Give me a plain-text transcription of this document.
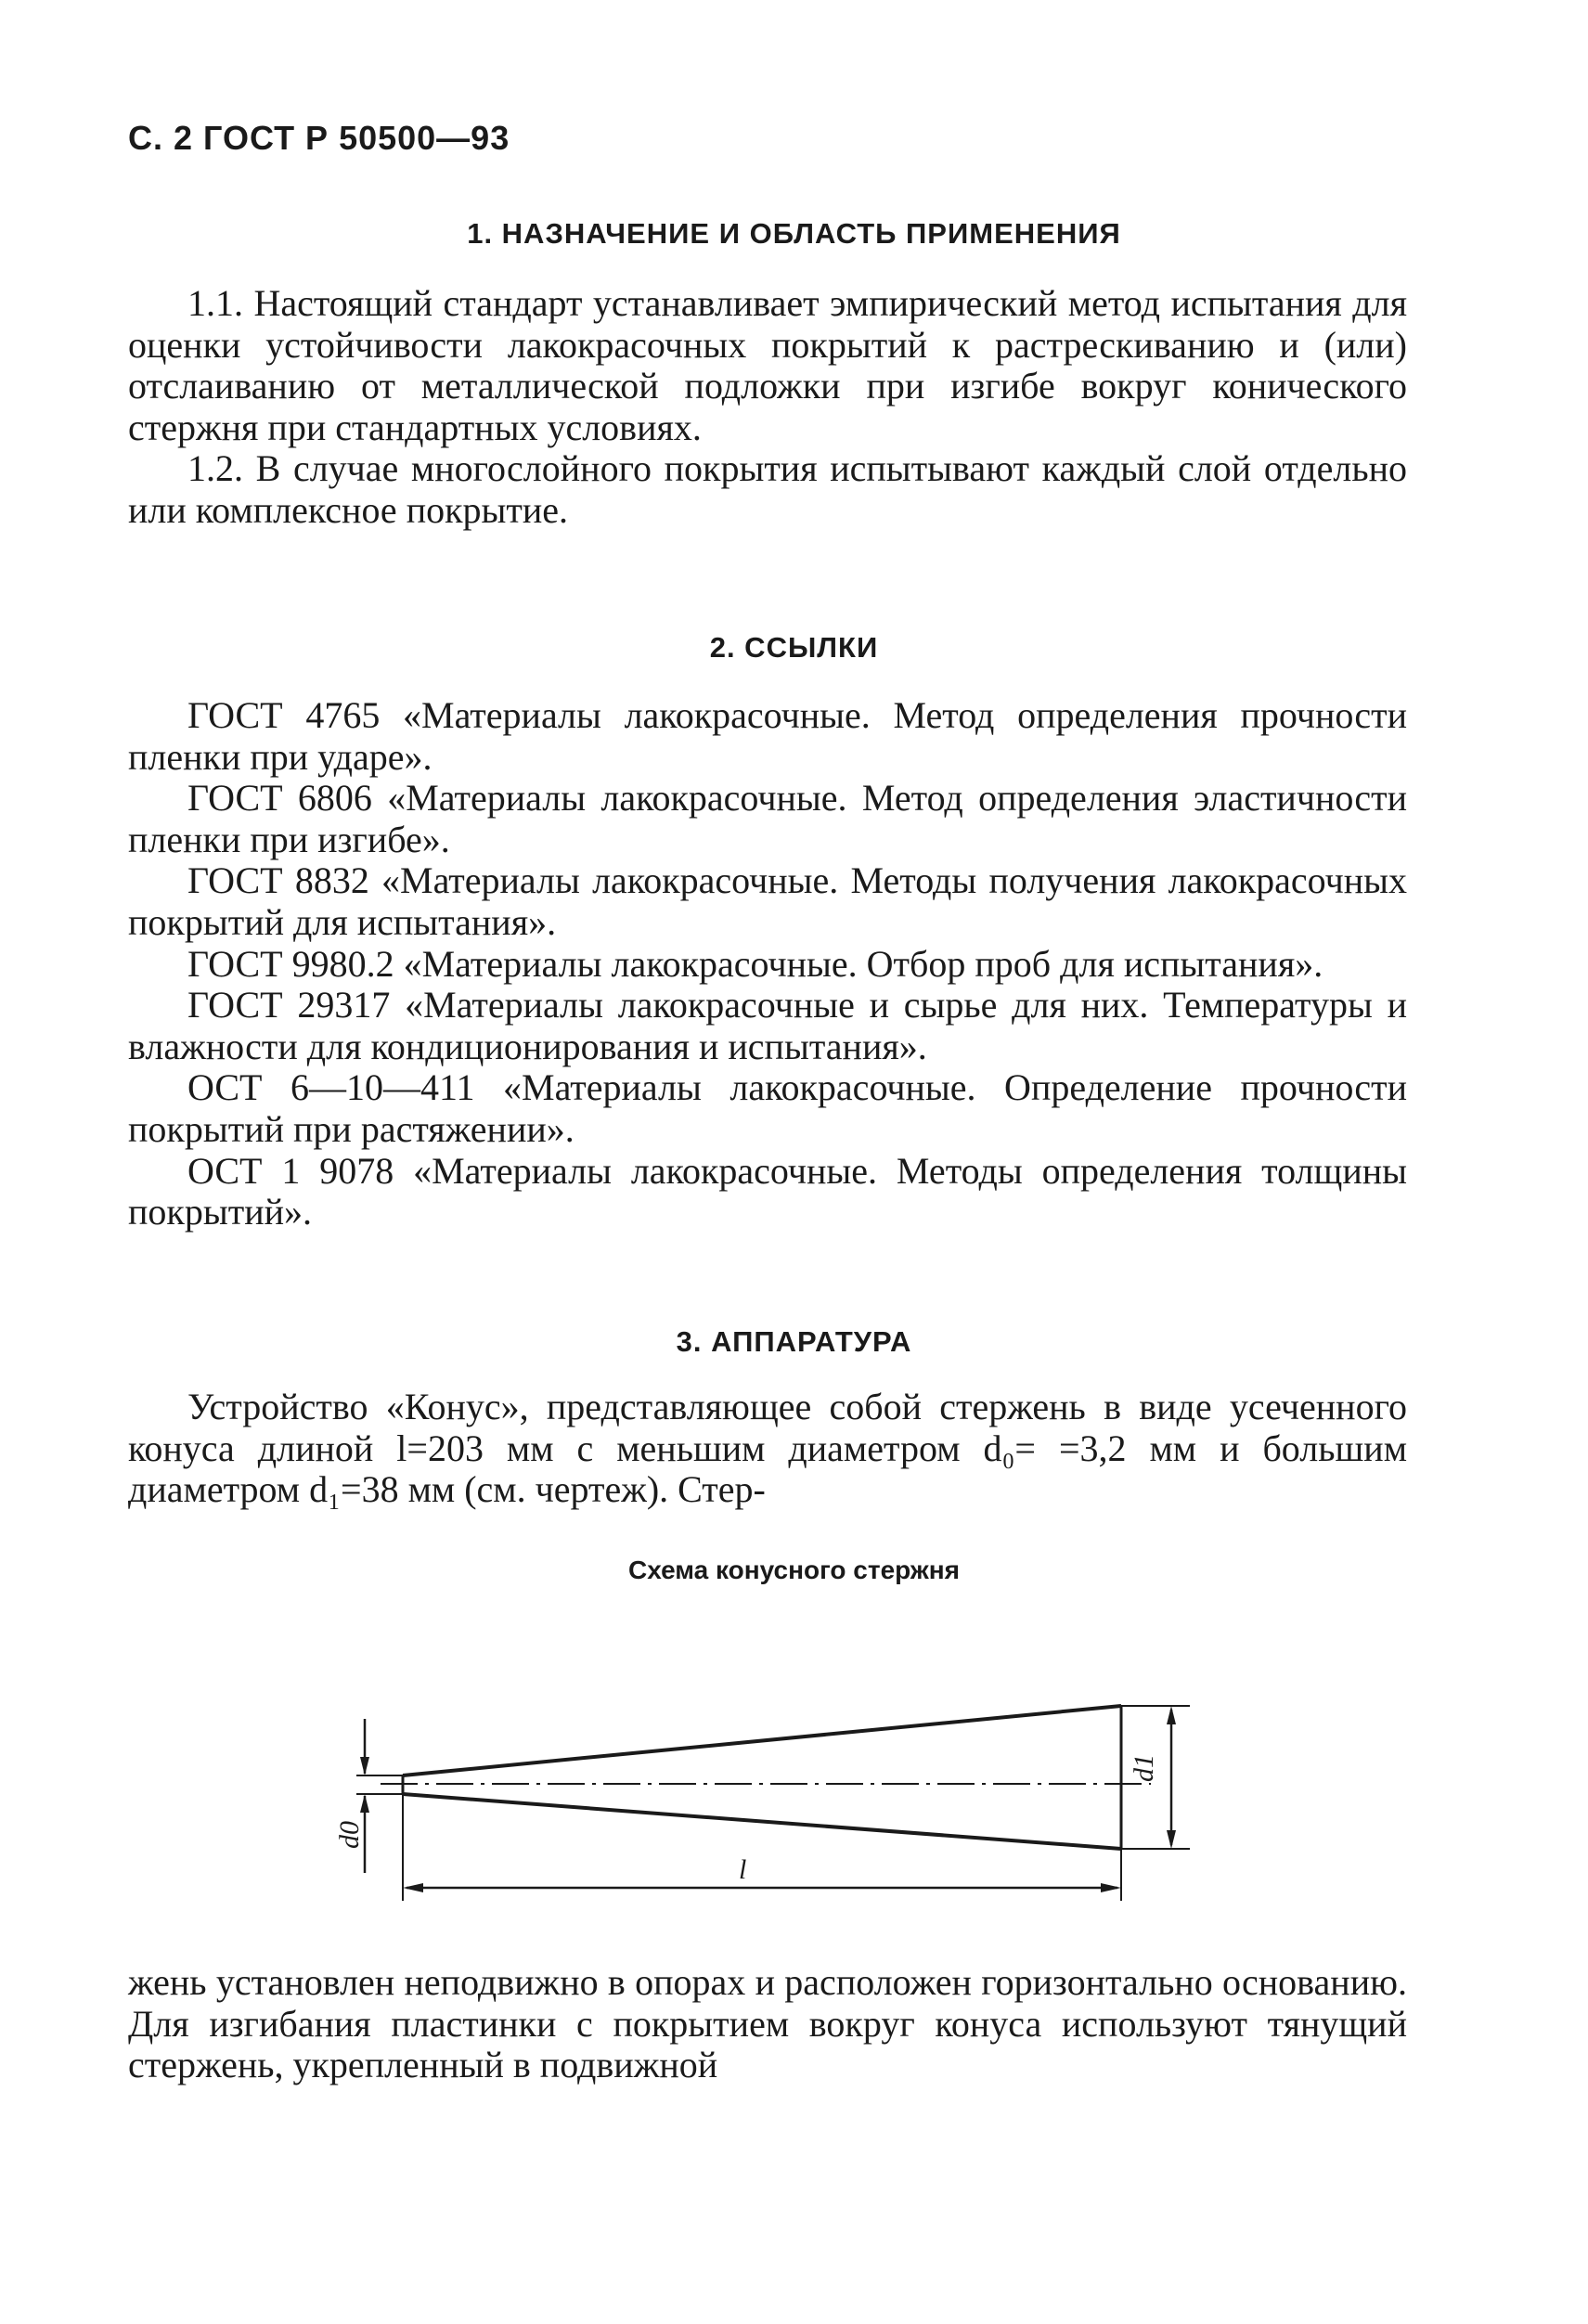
С. 2 ГОСТ Р 50500—93
1. НАЗНАЧЕНИЕ И ОБЛАСТЬ ПРИМЕНЕНИЯ

1.1. Настоящий стандарт устанавливает эмпирический метод испытания для оценки устойчивости лакокрасочных покрытий к растрескиванию и (или) отслаиванию от металлической подложки при изгибе вокруг конического стержня при стандартных условиях.

1.2. В случае многослойного покрытия испытывают каждый слой отдельно или комплексное покрытие.

2. ССЫЛКИ

ГОСТ 4765 «Материалы лакокрасочные. Метод определения прочности пленки при ударе».

ГОСТ 6806 «Материалы лакокрасочные. Метод определения эластичности пленки при изгибе».

ГОСТ 8832 «Материалы лакокрасочные. Методы получения лакокрасочных покрытий для испытания».

ГОСТ 9980.2 «Материалы лакокрасочные. Отбор проб для испытания».

ГОСТ 29317 «Материалы лакокрасочные и сырье для них. Температуры и влажности для кондиционирования и испытания».

ОСТ 6—10—411 «Материалы лакокрасочные. Определение прочности покрытий при растяжении».

ОСТ 1 9078 «Материалы лакокрасочные. Методы определения толщины покрытий».

3. АППАРАТУРА

Устройство «Конус», представляющее собой стержень в виде усеченного конуса длиной l=203 мм с меньшим диаметром d₀= =3,2 мм и большим диаметром d₁=38 мм (см. чертеж). Стер-

Схема конусного стержня
l
d0
d1

жень установлен неподвижно в опорах и расположен горизонтально основанию. Для изгибания пластинки с покрытием вокруг конуса используют тянущий стержень, укрепленный в подвижной
